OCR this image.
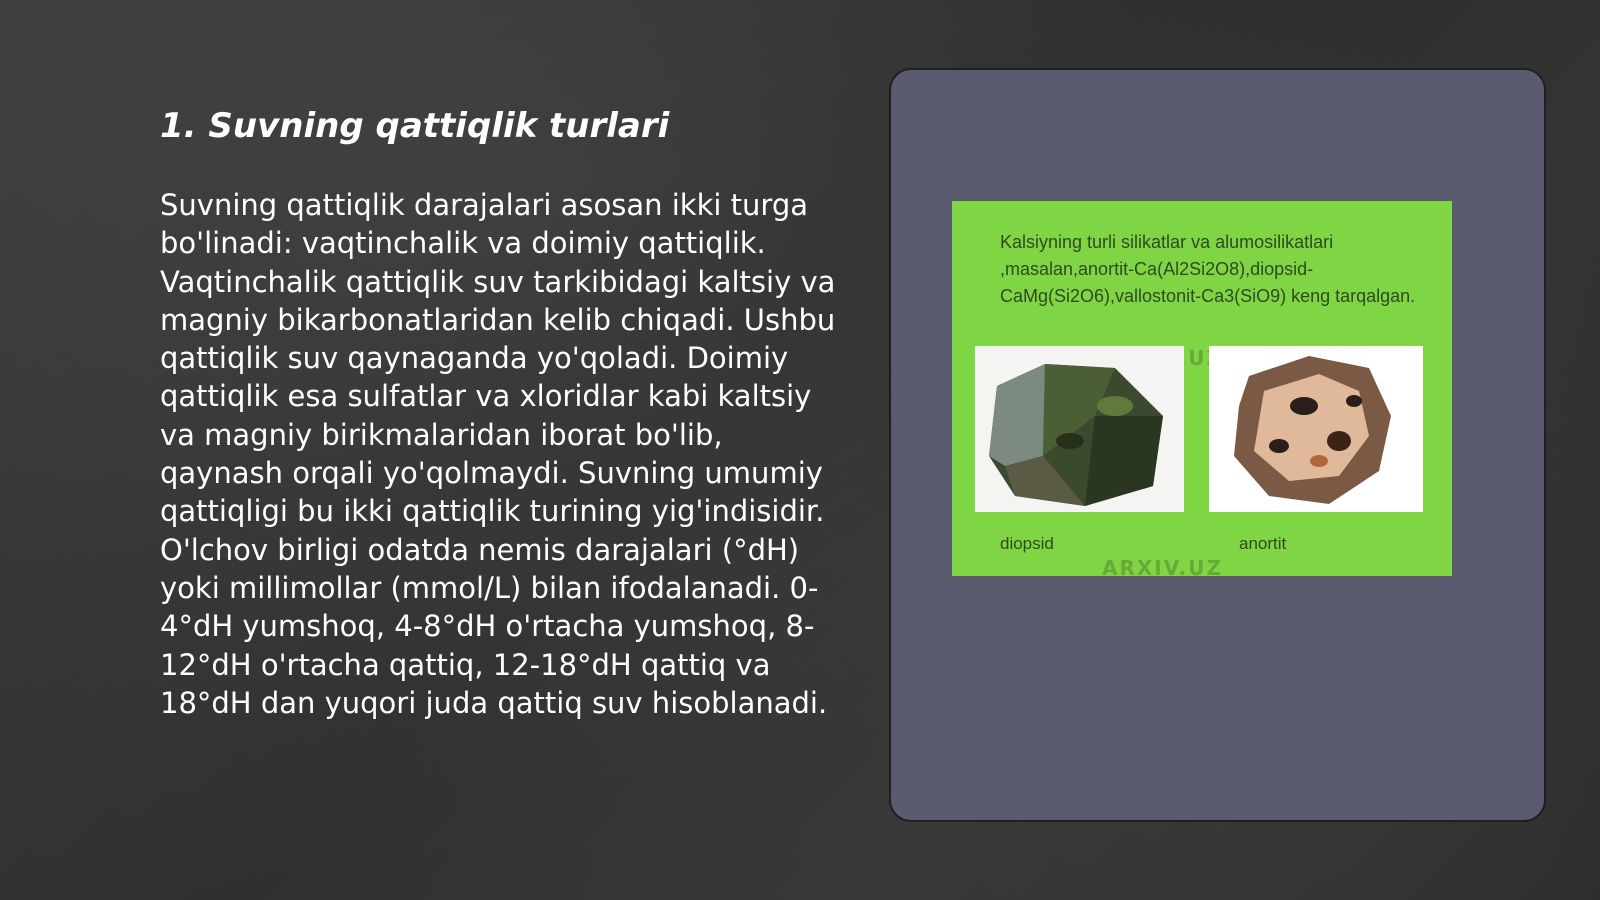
1. Suvning qattiqlik turlari

Suvning qattiqlik darajalari asosan ikki turga bo'linadi: vaqtinchalik va doimiy qattiqlik. Vaqtinchalik qattiqlik suv tarkibidagi kaltsiy va magniy bikarbonatlaridan kelib chiqadi. Ushbu qattiqlik suv qaynaganda yo'qoladi. Doimiy qattiqlik esa sulfatlar va xloridlar kabi kaltsiy va magniy birikmalaridan iborat bo'lib, qaynash orqali yo'qolmaydi. Suvning umumiy qattiqligi bu ikki qattiqlik turining yig'indisidir. O'lchov birligi odatda nemis darajalari (°dH) yoki millimollar (mmol/L) bilan ifodalanadi. 0-4°dH yumshoq, 4-8°dH o'rtacha yumshoq, 8-12°dH o'rtacha qattiq, 12-18°dH qattiq va 18°dH dan yuqori juda qattiq suv hisoblanadi.

Kalsiyning turli silikatlar va alumosilikatlari ,masalan,anortit-Ca(Al2Si2O8),diopsid-CaMg(Si2O6),vallostonit-Ca3(SiO9) keng tarqalgan.

ARXIV.UZ
diopsid	anortit
